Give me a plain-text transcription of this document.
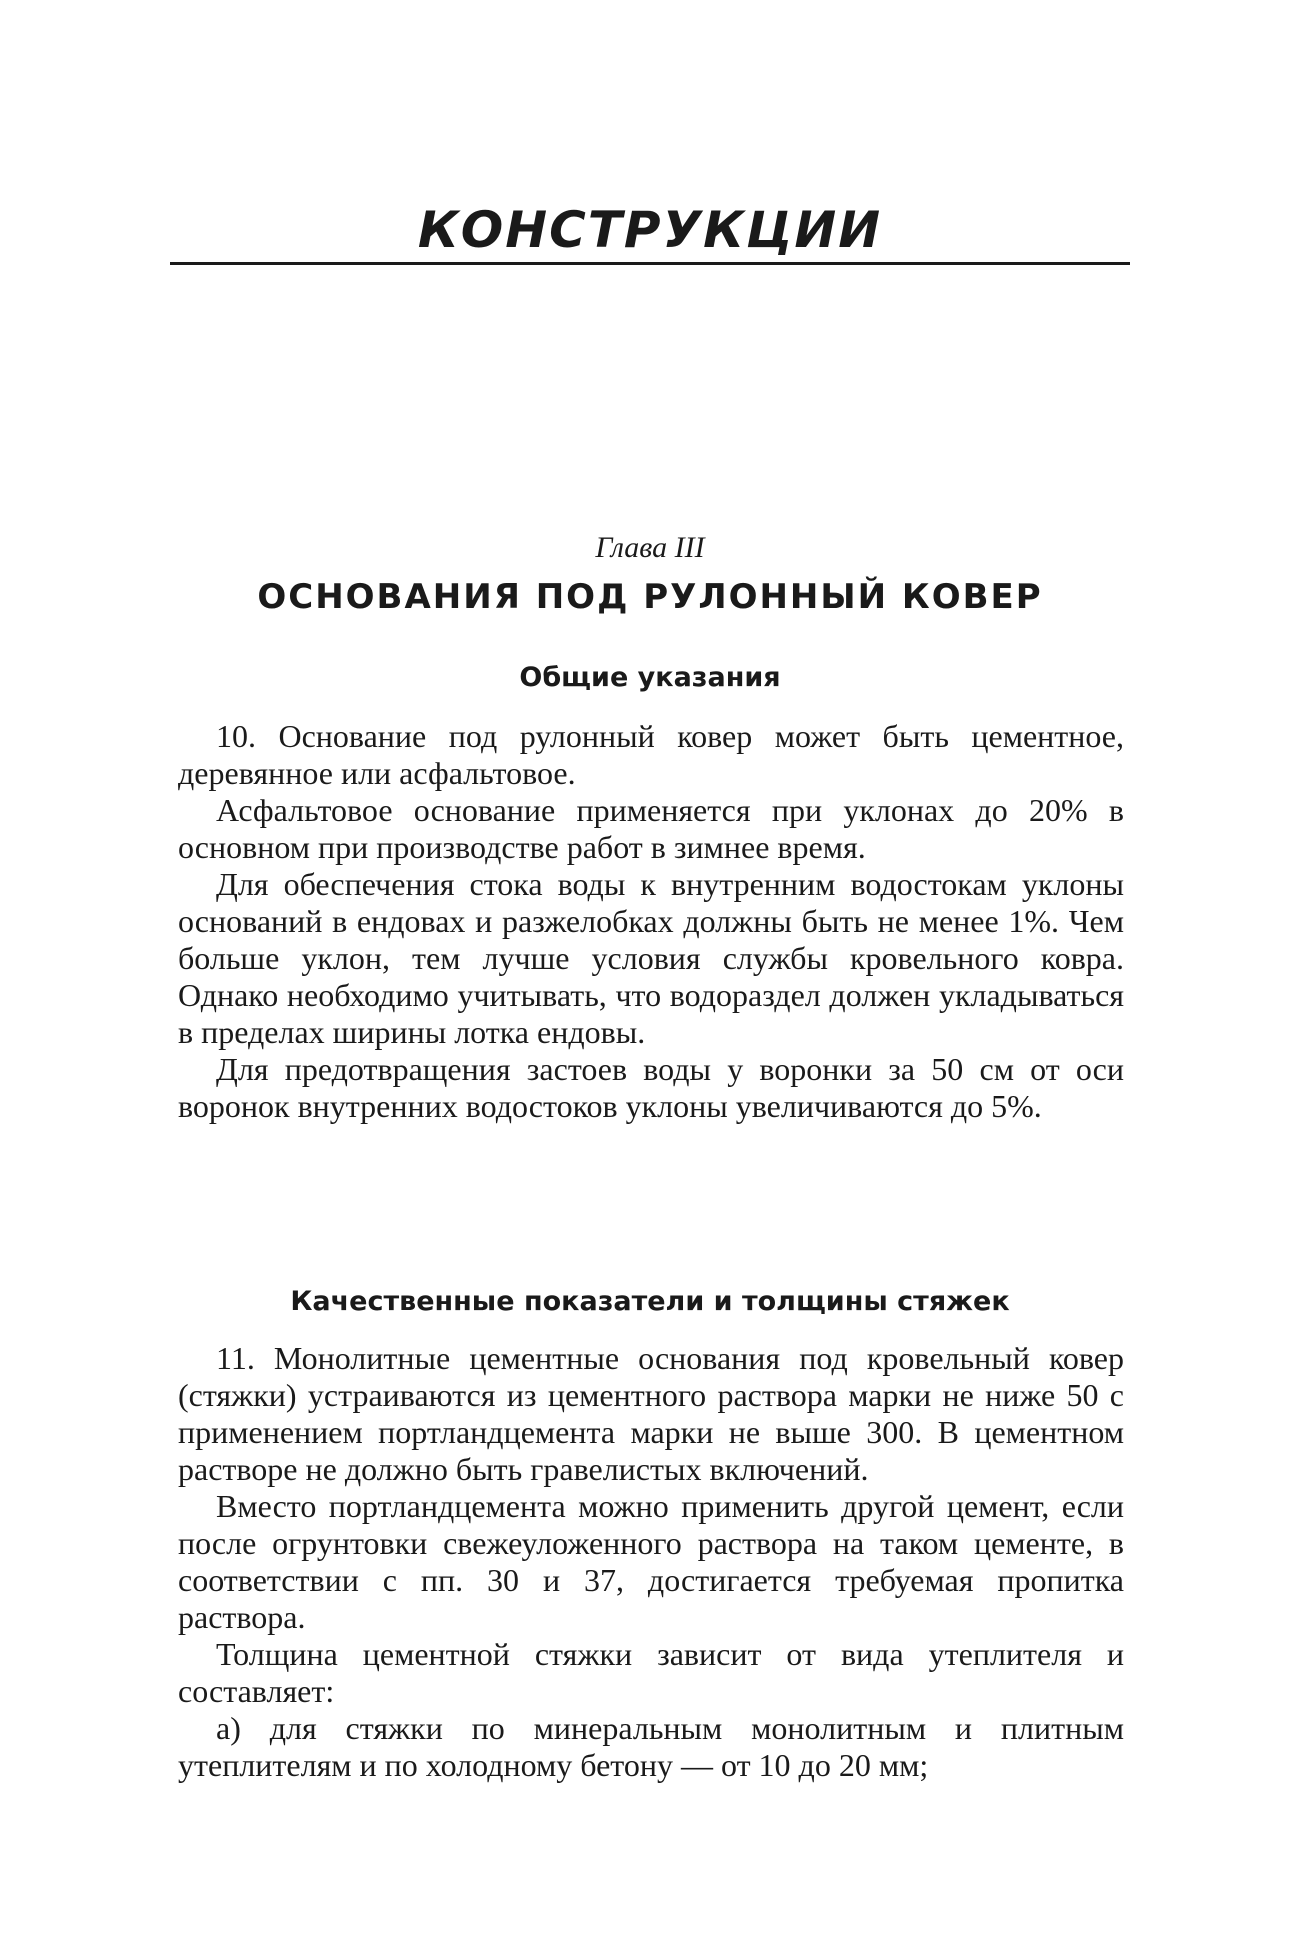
КОНСТРУКЦИИ
Глава III
ОСНОВАНИЯ ПОД РУЛОННЫЙ КОВЕР
Общие указания

10. Основание под рулонный ковер может быть цементное, деревянное или асфальтовое.

Асфальтовое основание применяется при уклонах до 20% в основном при производстве работ в зимнее время.

Для обеспечения стока воды к внутренним водостокам уклоны оснований в ендовах и разжелобках должны быть не менее 1%. Чем больше уклон, тем лучше условия службы кровельного ковра. Однако необходимо учитывать, что водораздел должен укладываться в пределах ширины лотка ендовы.

Для предотвращения застоев воды у воронки за 50 см от оси воронок внутренних водостоков уклоны увеличиваются до 5%.

Качественные показатели и толщины стяжек

11. Монолитные цементные основания под кровельный ковер (стяжки) устраиваются из цементного раствора марки не ниже 50 с применением портландцемента марки не выше 300. В цементном растворе не должно быть гравелистых включений.

Вместо портландцемента можно применить другой цемент, если после огрунтовки свежеуложенного раствора на таком цементе, в соответствии с пп. 30 и 37, достигается требуемая пропитка раствора.

Толщина цементной стяжки зависит от вида утеплителя и составляет:

а) для стяжки по минеральным монолитным и плитным утеплителям и по холодному бетону — от 10 до 20 мм;
